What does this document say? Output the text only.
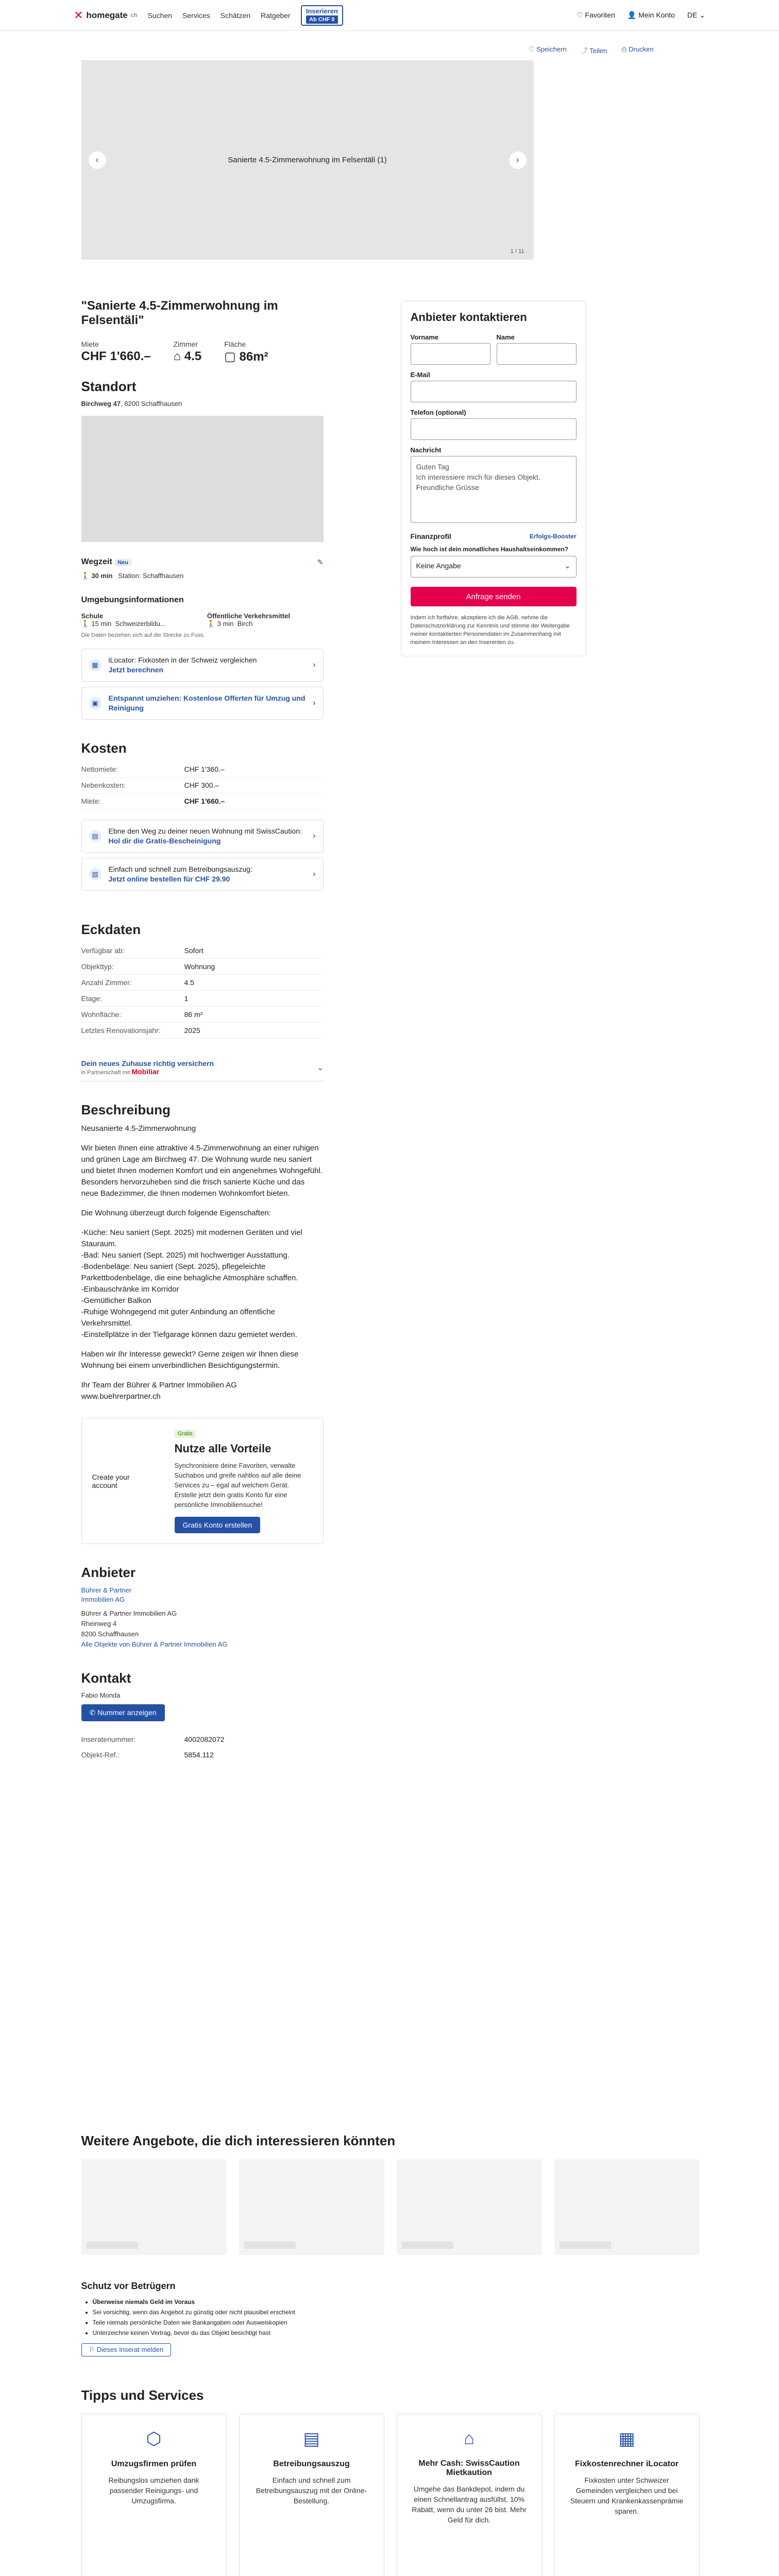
✕ homegate ch Suchen Services Schätzen Ratgeber
Inserieren
Ab CHF 0
♡ Favoriten 👤 Mein Konto DE ⌄
♡ Speichern ⤴ Teilen ⎙ Drucken
Sanierte 4.5-Zimmerwohnung im Felsentäli (1)
‹	›
1 / 11
"Sanierte 4.5-Zimmerwohnung im Felsentäli"
Miete
CHF 1'660.–
Zimmer
⌂ 4.5
Fläche
▢ 86m²
Standort
Birchweg 47, 8200 Schaffhausen
Wegzeit Neu	✎
🚶 30 min Station: Schaffhausen
Umgebungsinformationen
Schule
🚶 15 min Schweizerbildu...
Öffentliche Verkehrsmittel
🚶 3 min Birch
Die Daten beziehen sich auf die Strecke zu Fuss.
▦
iLocator: Fixkosten in der Schweiz vergleichen
Jetzt berechnen
›
▣
Entspannt umziehen: Kostenlose Offerten für Umzug und Reinigung
›
Kosten
Nettomiete:	CHF 1'360.–
Nebenkosten:	CHF 300.–
Miete:	CHF 1'660.–
▤
Ebne den Weg zu deiner neuen Wohnung mit SwissCaution: Hol dir die Gratis-Bescheinigung
›
▧
Einfach und schnell zum Betreibungsauszug:
Jetzt online bestellen für CHF 29.90
›
Eckdaten
Verfügbar ab:	Sofort
Objekttyp:	Wohnung
Anzahl Zimmer:	4.5
Etage:	1
Wohnfläche:	86 m²
Letztes Renovationsjahr:	2025
Dein neues Zuhause richtig versichern
in Partnerschaft mit Mobiliar
⌄
Beschreibung

Neusanierte 4.5-Zimmerwohnung

Wir bieten Ihnen eine attraktive 4.5-Zimmerwohnung an einer ruhigen und grünen Lage am Birchweg 47. Die Wohnung wurde neu saniert und bietet Ihnen modernen Komfort und ein angenehmes Wohngefühl. Besonders hervorzuheben sind die frisch sanierte Küche und das neue Badezimmer, die Ihnen modernen Wohnkomfort bieten.

Die Wohnung überzeugt durch folgende Eigenschaften:

-Küche: Neu saniert (Sept. 2025) mit modernen Geräten und viel Stauraum.
-Bad: Neu saniert (Sept. 2025) mit hochwertiger Ausstattung.
-Bodenbeläge: Neu saniert (Sept. 2025), pflegeleichte Parkettbodenbeläge, die eine behagliche Atmosphäre schaffen.
-Einbauschränke im Korridor
-Gemütlicher Balkon
-Ruhige Wohngegend mit guter Anbindung an öffentliche Verkehrsmittel.
-Einstellplätze in der Tiefgarage können dazu gemietet werden.

Haben wir Ihr Interesse geweckt? Gerne zeigen wir Ihnen diese Wohnung bei einem unverbindlichen Besichtigungstermin.

Ihr Team der Bührer & Partner Immobilien AG
www.buehrerpartner.ch

Create your account
Gratis
Nutze alle Vorteile
Synchronisiere deine Favoriten, verwalte Suchabos und greife nahtlos auf alle deine Services zu – egal auf welchem Gerät. Erstelle jetzt dein gratis Konto für eine persönliche Immobiliensuche!
Gratis Konto erstellen
Anbieter
Bührer & Partner Immobilien AG
Bührer & Partner Immobilien AG
Rheinweg 4
8200 Schaffhausen
Alle Objekte von Bührer & Partner Immobilien AG
Kontakt
Fabio Monda
✆ Nummer anzeigen
Inseratenummer:	4002082072
Objekt-Ref.:	5854.112
Anbieter kontaktieren
Vorname	Name
E-Mail
Telefon (optional)
Nachricht
Guten Tag
Ich interessiere mich für dieses Objekt.
Freundliche Grüsse
Finanzprofil	Erfolgs-Booster
Wie hoch ist dein monatliches Haushaltseinkommen?
Keine Angabe	⌄
Anfrage senden
Indem ich fortfahre, akzeptiere ich die AGB, nehme die Datenschutzerklärung zur Kenntnis und stimme der Weitergabe meiner kontaktierten Personendaten im Zusammenhang mit meinem Interessen an den Inserenten zu.
Weitere Angebote, die dich interessieren könnten
Schutz vor Betrügern
• Überweise niemals Geld im Voraus
• Sei vorsichtig, wenn das Angebot zu günstig oder nicht plausibel erscheint
• Teile niemals persönliche Daten wie Bankangaben oder Ausweiskopien
• Unterzeichne keinen Vertrag, bevor du das Objekt besichtigt hast
⚐ Dieses Inserat melden
Tipps und Services
⬡
Umzugsfirmen prüfen

Reibungslos umziehen dank passender Reinigungs- und Umzugsfirma.

▤
Betreibungsauszug

Einfach und schnell zum Betreibungsauszug mit der Online-Bestellung.

⌂
Mehr Cash: SwissCaution Mietkaution

Umgehe das Bankdepot, indem du einen Schnellantrag ausfüllst. 10% Rabatt, wenn du unter 26 bist. Mehr Geld für dich.

▦
Fixkostenrechner iLocator

Fixkosten unter Schweizer Gemeinden vergleichen und bei Steuern und Krankenkassenprämie sparen.
